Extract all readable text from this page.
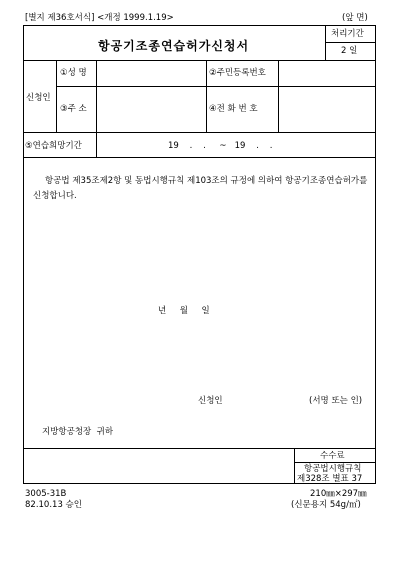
[별지 제36호서식] <개정 1999.1.19>	(앞 면)
항공기조종연습허가신청서
처리기간
2 일
신청인
①성 명	②주민등록번호
③주 소	④전 화 번 호
⑤연습희망기간	19    .    .     ~   19    .    .
항공법 제35조제2항 및 동법시행규칙 제103조의 규정에 의하여 항공기조종연습허가를 신청합니다.
년     월     일
신청인	(서명 또는 인)
지방항공청장  귀하
수수료
항공법시행규칙
제328조 별표 37
3005-31B
82.10.13 승인
210㎜×297㎜
(신문용지 54g/㎡)
